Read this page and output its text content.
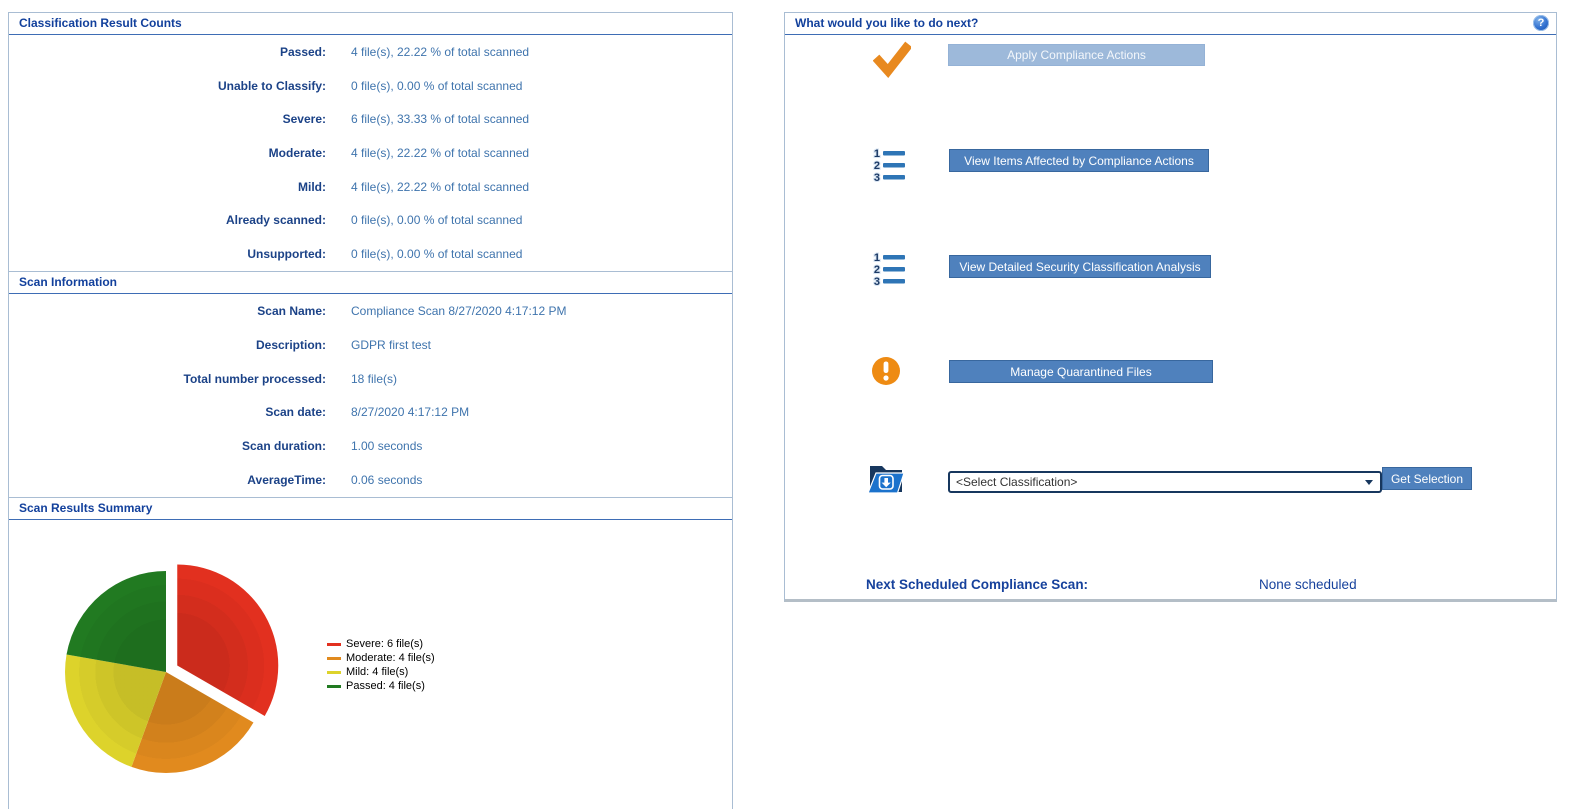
Classification Result Counts
Passed: 4 file(s), 22.22 % of total scanned
Unable to Classify: 0 file(s), 0.00 % of total scanned
Severe: 6 file(s), 33.33 % of total scanned
Moderate: 4 file(s), 22.22 % of total scanned
Mild: 4 file(s), 22.22 % of total scanned
Already scanned: 0 file(s), 0.00 % of total scanned
Unsupported: 0 file(s), 0.00 % of total scanned
Scan Information
Scan Name: Compliance Scan 8/27/2020 4:17:12 PM
Description: GDPR first test
Total number processed: 18 file(s)
Scan date: 8/27/2020 4:17:12 PM
Scan duration: 1.00 seconds
AverageTime: 0.06 seconds
Scan Results Summary
Severe: 6 file(s)
Moderate: 4 file(s)
Mild: 4 file(s)
Passed: 4 file(s)
What would you like to do next?	?
Apply Compliance Actions
1
2
3
View Items Affected by Compliance Actions
1
2
3
View Detailed Security Classification Analysis
Manage Quarantined Files
<Select Classification>	Get Selection
Next Scheduled Compliance Scan:	None scheduled
